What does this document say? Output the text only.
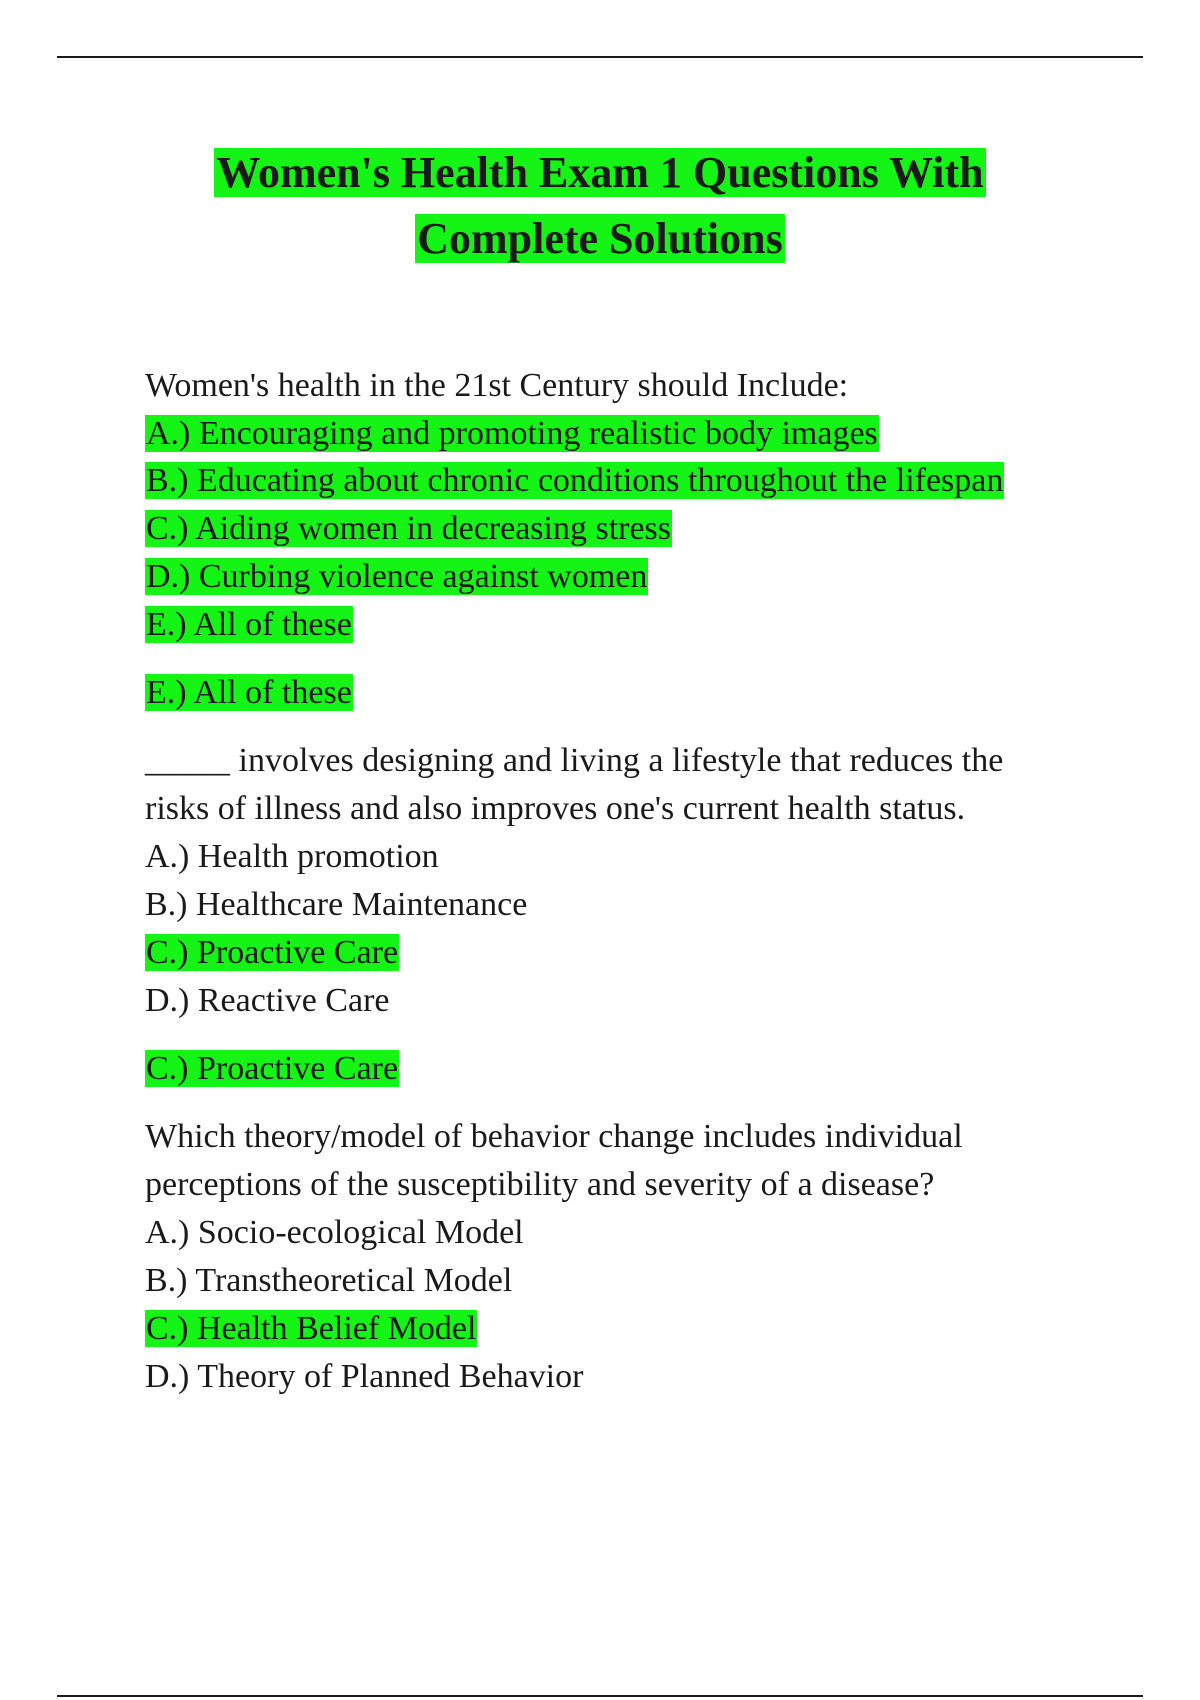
Women's Health Exam 1 Questions With
Complete Solutions
Women's health in the 21st Century should Include:
A.) Encouraging and promoting realistic body images
B.) Educating about chronic conditions throughout the lifespan
C.) Aiding women in decreasing stress
D.) Curbing violence against women
E.) All of these
E.) All of these
_____ involves designing and living a lifestyle that reduces the risks of illness and also improves one's current health status.
A.) Health promotion
B.) Healthcare Maintenance
C.) Proactive Care
D.) Reactive Care
C.) Proactive Care
Which theory/model of behavior change includes individual perceptions of the susceptibility and severity of a disease?
A.) Socio-ecological Model
B.) Transtheoretical Model
C.) Health Belief Model
D.) Theory of Planned Behavior
